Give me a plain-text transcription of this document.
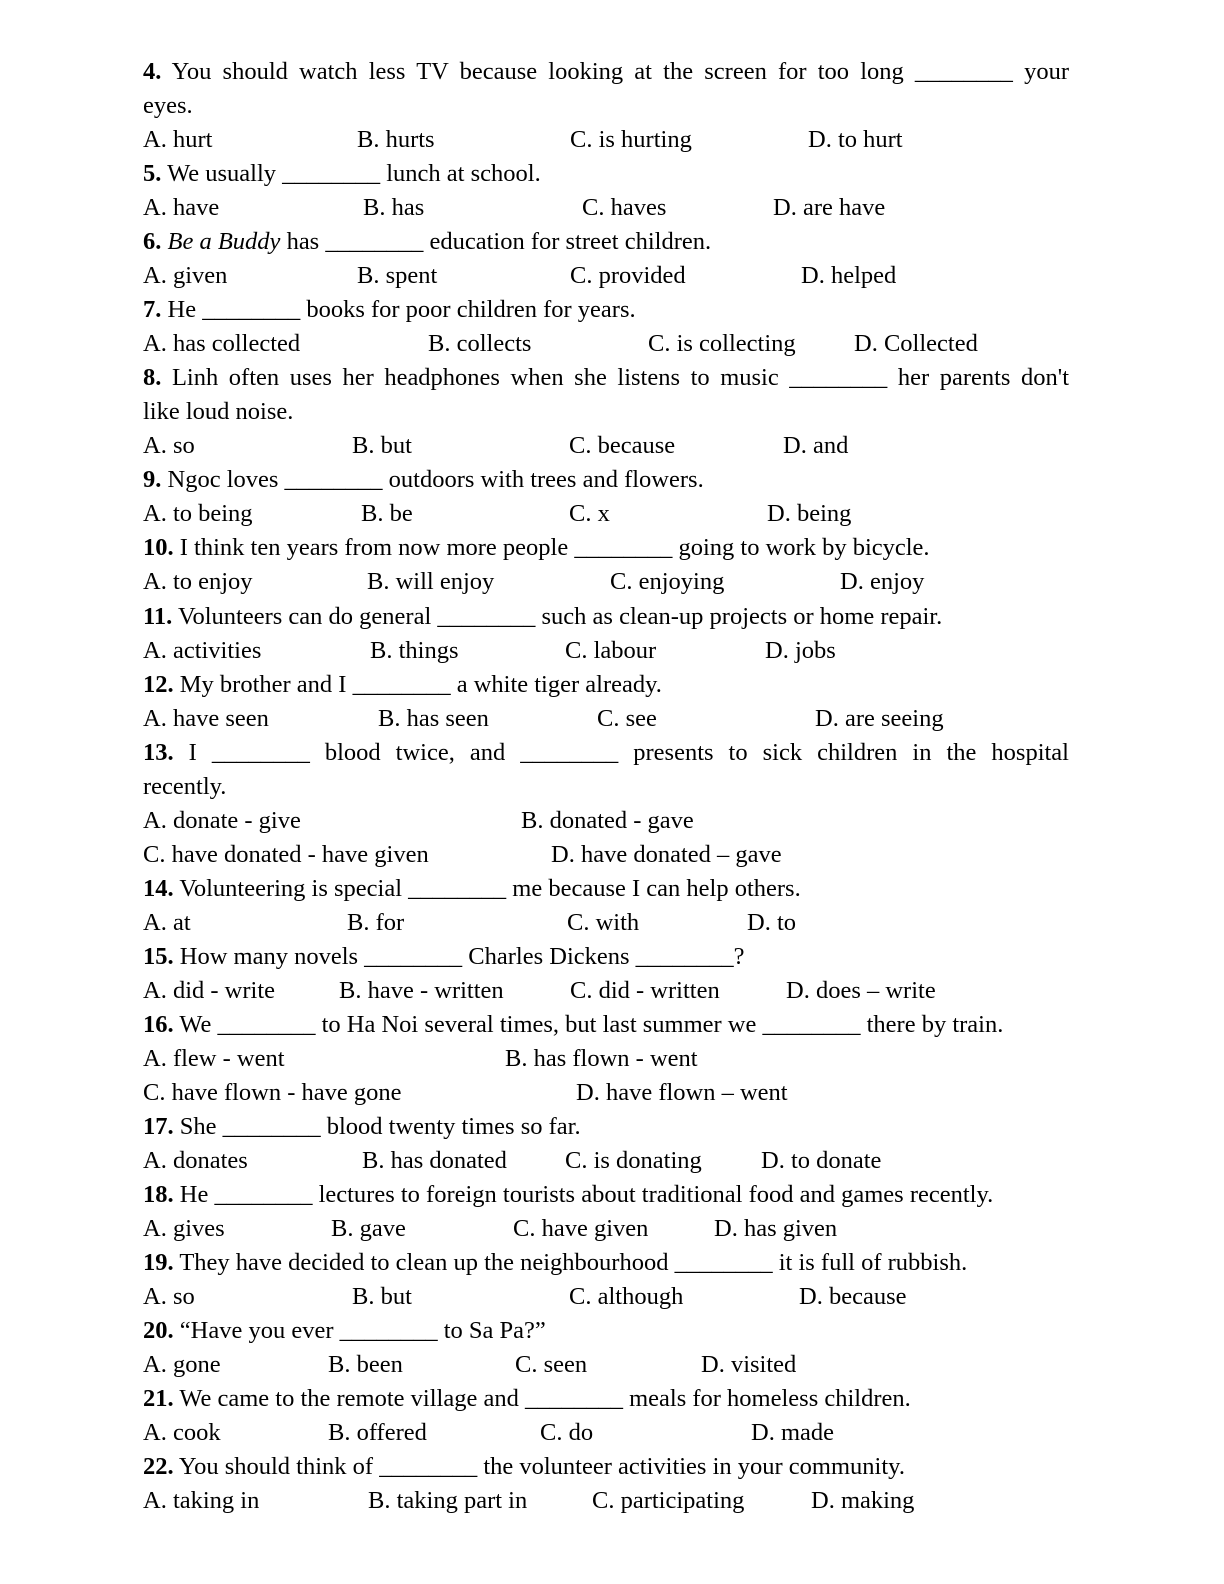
4. You should watch less TV because looking at the screen for too long ________ your
eyes.
A. hurt	B. hurts	C. is hurting	D. to hurt
5. We usually ________ lunch at school.
A. have	B. has	C. haves	D. are have
6. Be a Buddy has ________ education for street children.
A. given	B. spent	C. provided	D. helped
7. He ________ books for poor children for years.
A. has collected	B. collects	C. is collecting D. Collected
8. Linh often uses her headphones when she listens to music ________ her parents don't
like loud noise.
A. so	B. but	C. because	D. and
9. Ngoc loves ________ outdoors with trees and flowers.
A. to being	B. be	C. x	D. being
10. I think ten years from now more people ________ going to work by bicycle.
A. to enjoy	B. will enjoy	C. enjoying	D. enjoy
11. Volunteers can do general ________ such as clean-up projects or home repair.
A. activities	B. things	C. labour	D. jobs
12. My brother and I ________ a white tiger already.
A. have seen	B. has seen	C. see	D. are seeing
13. I ________ blood twice, and ________ presents to sick children in the hospital
recently.
A. donate - give	B. donated - gave
C. have donated - have given	D. have donated – gave
14. Volunteering is special ________ me because I can help others.
A. at	B. for	C. with	D. to
15. How many novels ________ Charles Dickens ________?
A. did - write	B. have - written	C. did - written	D. does – write
16. We ________ to Ha Noi several times, but last summer we ________ there by train.
A. flew - went	B. has flown - went
C. have flown - have gone	D. have flown – went
17. She ________ blood twenty times so far.
A. donates	B. has donated C. is donating D. to donate
18. He ________ lectures to foreign tourists about traditional food and games recently.
A. gives	B. gave	C. have given	D. has given
19. They have decided to clean up the neighbourhood ________ it is full of rubbish.
A. so	B. but	C. although	D. because
20. “Have you ever ________ to Sa Pa?”
A. gone	B. been	C. seen	D. visited
21. We came to the remote village and ________ meals for homeless children.
A. cook	B. offered	C. do	D. made
22. You should think of ________ the volunteer activities in your community.
A. taking in	B. taking part in	C. participating	D. making
